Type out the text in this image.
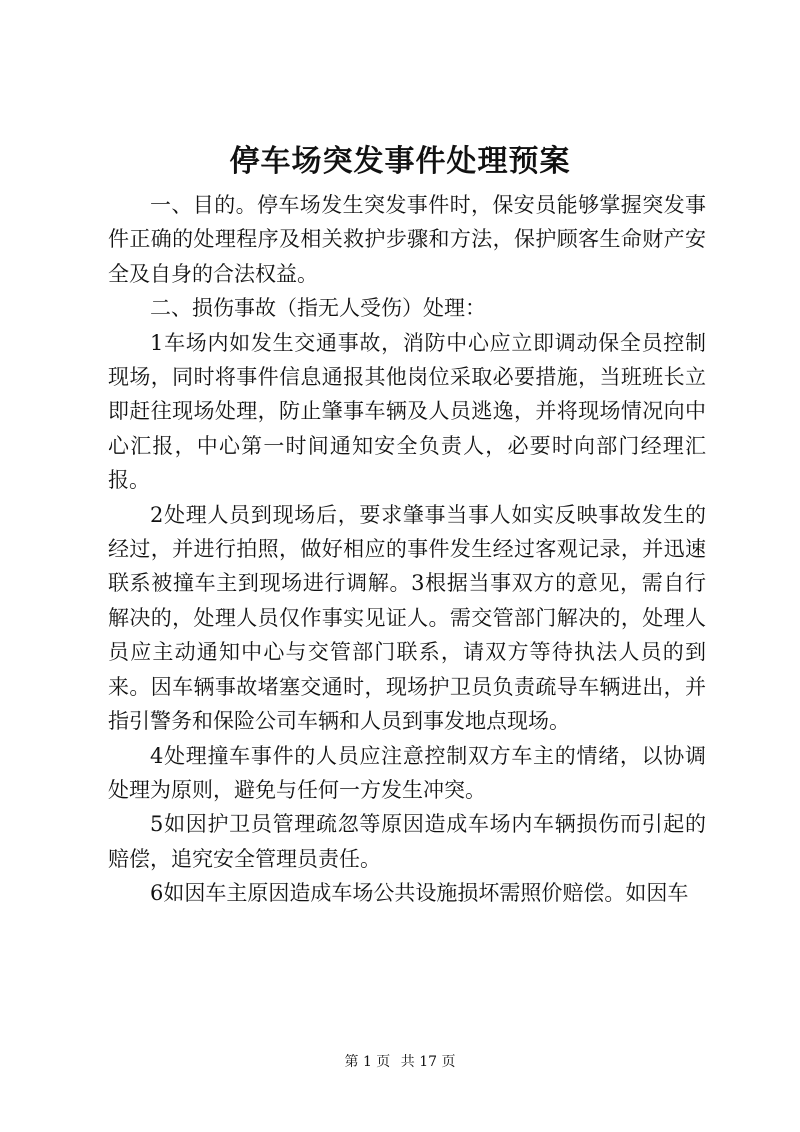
停车场突发事件处理预案

一、目的。停车场发生突发事件时，保安员能够掌握突发事件正确的处理程序及相关救护步骤和方法，保护顾客生命财产安全及自身的合法权益。

二、损伤事故（指无人受伤）处理：

1车场内如发生交通事故，消防中心应立即调动保全员控制现场，同时将事件信息通报其他岗位采取必要措施，当班班长立即赶往现场处理，防止肇事车辆及人员逃逸，并将现场情况向中心汇报，中心第一时间通知安全负责人，必要时向部门经理汇报。

2处理人员到现场后，要求肇事当事人如实反映事故发生的经过，并进行拍照，做好相应的事件发生经过客观记录，并迅速联系被撞车主到现场进行调解。3根据当事双方的意见，需自行解决的，处理人员仅作事实见证人。需交管部门解决的，处理人员应主动通知中心与交管部门联系，请双方等待执法人员的到来。因车辆事故堵塞交通时，现场护卫员负责疏导车辆进出，并指引警务和保险公司车辆和人员到事发地点现场。

4处理撞车事件的人员应注意控制双方车主的情绪，以协调处理为原则，避免与任何一方发生冲突。

5如因护卫员管理疏忽等原因造成车场内车辆损伤而引起的赔偿，追究安全管理员责任。

6如因车主原因造成车场公共设施损坏需照价赔偿。如因车

第 1 页 共 17 页
